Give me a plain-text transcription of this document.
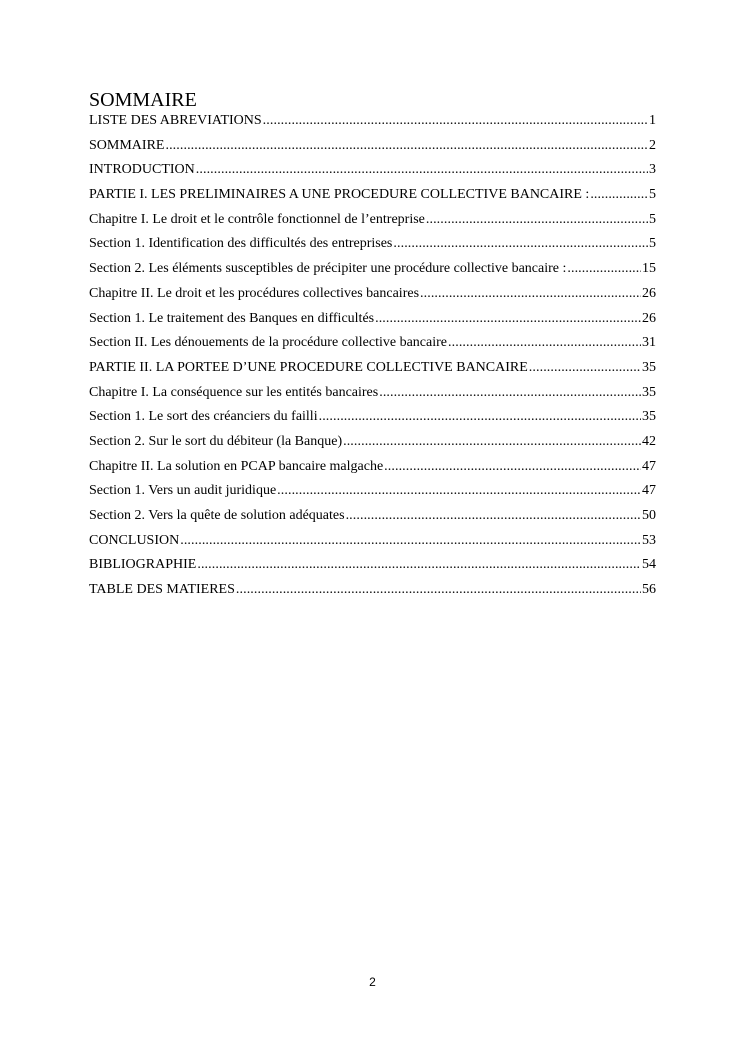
SOMMAIRE
LISTE DES ABREVIATIONS .....	1
SOMMAIRE .....	2
INTRODUCTION .....	3
PARTIE I. LES PRELIMINAIRES A UNE PROCEDURE COLLECTIVE BANCAIRE : .....	5
Chapitre I. Le droit et le contrôle fonctionnel de l’entreprise .....	5
Section 1. Identification des difficultés des entreprises .....	5
Section 2. Les éléments susceptibles de précipiter une procédure collective bancaire : .....	15
Chapitre II. Le droit et les procédures collectives bancaires .....	26
Section 1. Le traitement des Banques en difficultés .....	26
Section II. Les dénouements de la procédure collective bancaire .....	31
PARTIE II. LA PORTEE D’UNE PROCEDURE COLLECTIVE BANCAIRE .....	35
Chapitre I. La conséquence sur les entités bancaires .....	35
Section 1. Le sort des créanciers du failli .....	35
Section 2. Sur le sort du débiteur (la Banque) .....	42
Chapitre II. La solution en PCAP bancaire malgache .....	47
Section 1. Vers un audit juridique .....	47
Section 2. Vers la quête de solution adéquates .....	50
CONCLUSION .....	53
BIBLIOGRAPHIE .....	54
TABLE DES MATIERES .....	56
2
